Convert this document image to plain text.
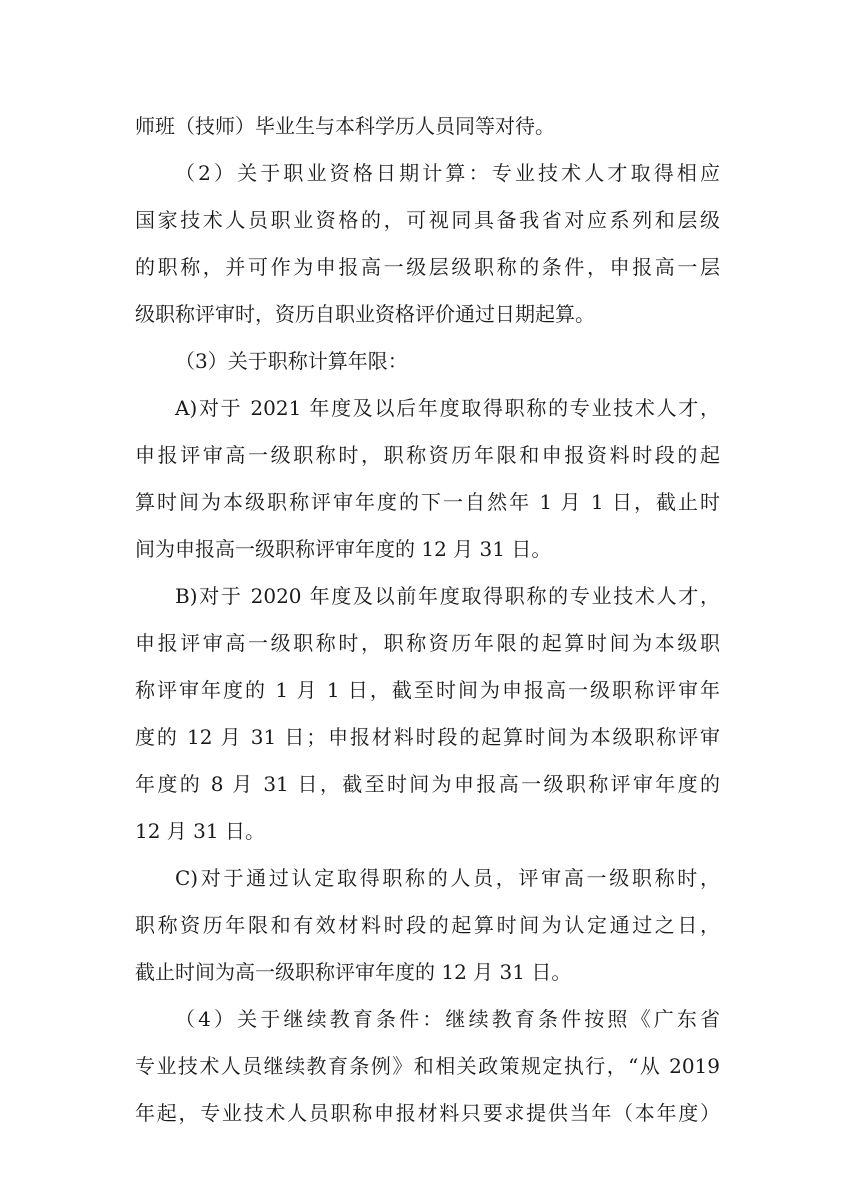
师班（技师）毕业生与本科学历人员同等对待。
（2）关于职业资格日期计算：专业技术人才取得相应
国家技术人员职业资格的，可视同具备我省对应系列和层级
的职称，并可作为申报高一级层级职称的条件，申报高一层
级职称评审时，资历自职业资格评价通过日期起算。
（3）关于职称计算年限：
A)对于 2021 年度及以后年度取得职称的专业技术人才，
申报评审高一级职称时，职称资历年限和申报资料时段的起
算时间为本级职称评审年度的下一自然年 1 月 1 日，截止时
间为申报高一级职称评审年度的 12 月 31 日。
B)对于 2020 年度及以前年度取得职称的专业技术人才，
申报评审高一级职称时，职称资历年限的起算时间为本级职
称评审年度的 1 月 1 日，截至时间为申报高一级职称评审年
度的 12 月 31 日；申报材料时段的起算时间为本级职称评审
年度的 8 月 31 日，截至时间为申报高一级职称评审年度的
12 月 31 日。
C)对于通过认定取得职称的人员，评审高一级职称时，
职称资历年限和有效材料时段的起算时间为认定通过之日，
截止时间为高一级职称评审年度的 12 月 31 日。
（4）关于继续教育条件：继续教育条件按照《广东省
专业技术人员继续教育条例》和相关政策规定执行，“从 2019
年起，专业技术人员职称申报材料只要求提供当年（本年度）
